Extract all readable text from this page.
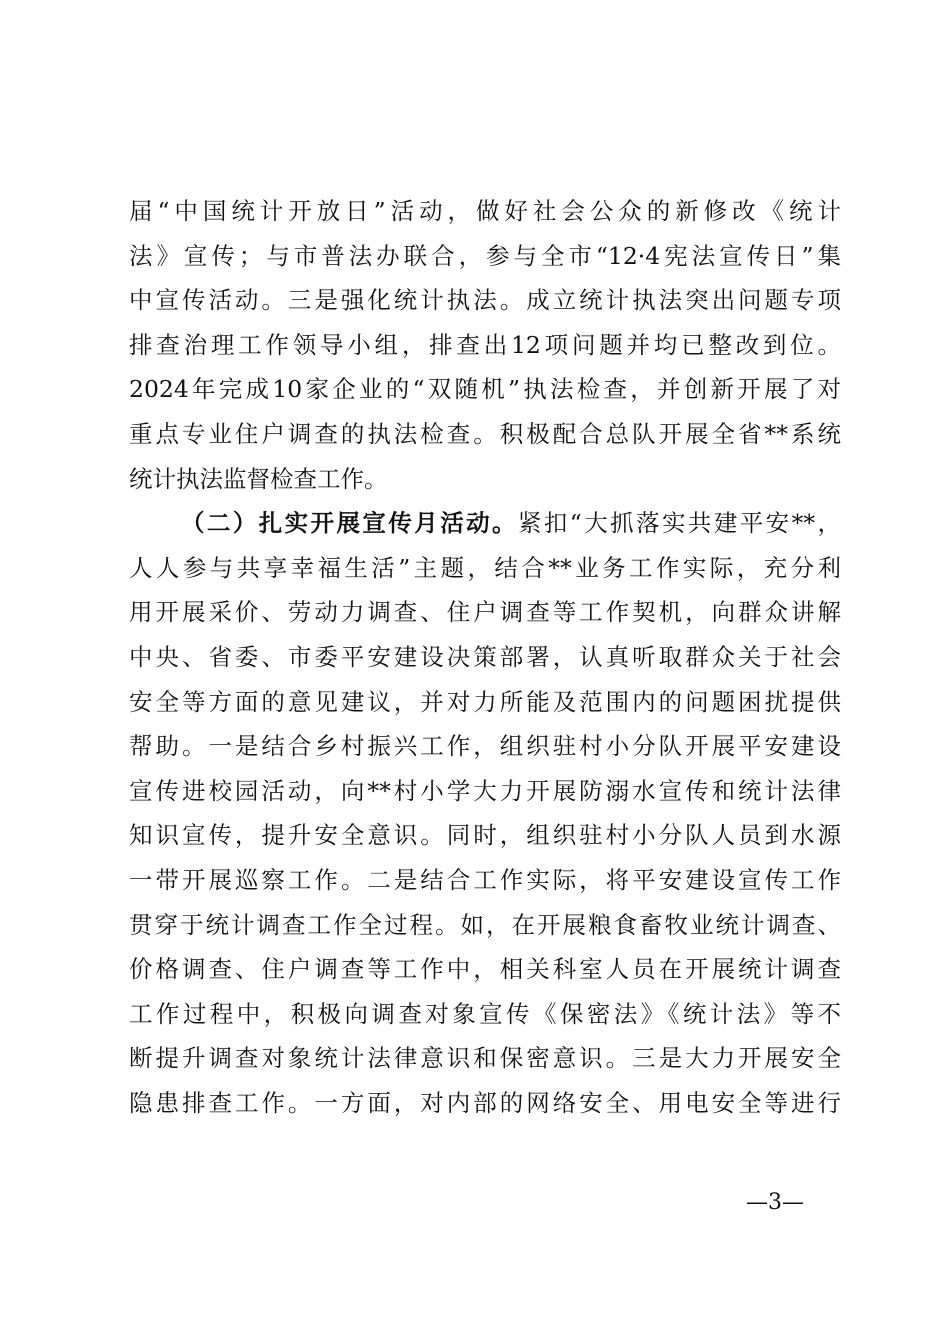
届“中国统计开放日”活动，做好社会公众的新修改《统计
法》宣传；与市普法办联合，参与全市“12·4宪法宣传日”集
中宣传活动。三是强化统计执法。成立统计执法突出问题专项
排查治理工作领导小组，排查出12项问题并均已整改到位。
2024年完成10家企业的“双随机”执法检查，并创新开展了对
重点专业住户调查的执法检查。积极配合总队开展全省**系统
统计执法监督检查工作。
（二）扎实开展宣传月活动。紧扣“大抓落实共建平安**，
人人参与共享幸福生活”主题，结合**业务工作实际，充分利
用开展采价、劳动力调查、住户调查等工作契机，向群众讲解
中央、省委、市委平安建设决策部署，认真听取群众关于社会
安全等方面的意见建议，并对力所能及范围内的问题困扰提供
帮助。一是结合乡村振兴工作，组织驻村小分队开展平安建设
宣传进校园活动，向**村小学大力开展防溺水宣传和统计法律
知识宣传，提升安全意识。同时，组织驻村小分队人员到水源
一带开展巡察工作。二是结合工作实际，将平安建设宣传工作
贯穿于统计调查工作全过程。如，在开展粮食畜牧业统计调查、
价格调查、住户调查等工作中，相关科室人员在开展统计调查
工作过程中，积极向调查对象宣传《保密法》《统计法》等不
断提升调查对象统计法律意识和保密意识。三是大力开展安全
隐患排查工作。一方面，对内部的网络安全、用电安全等进行
—3—
